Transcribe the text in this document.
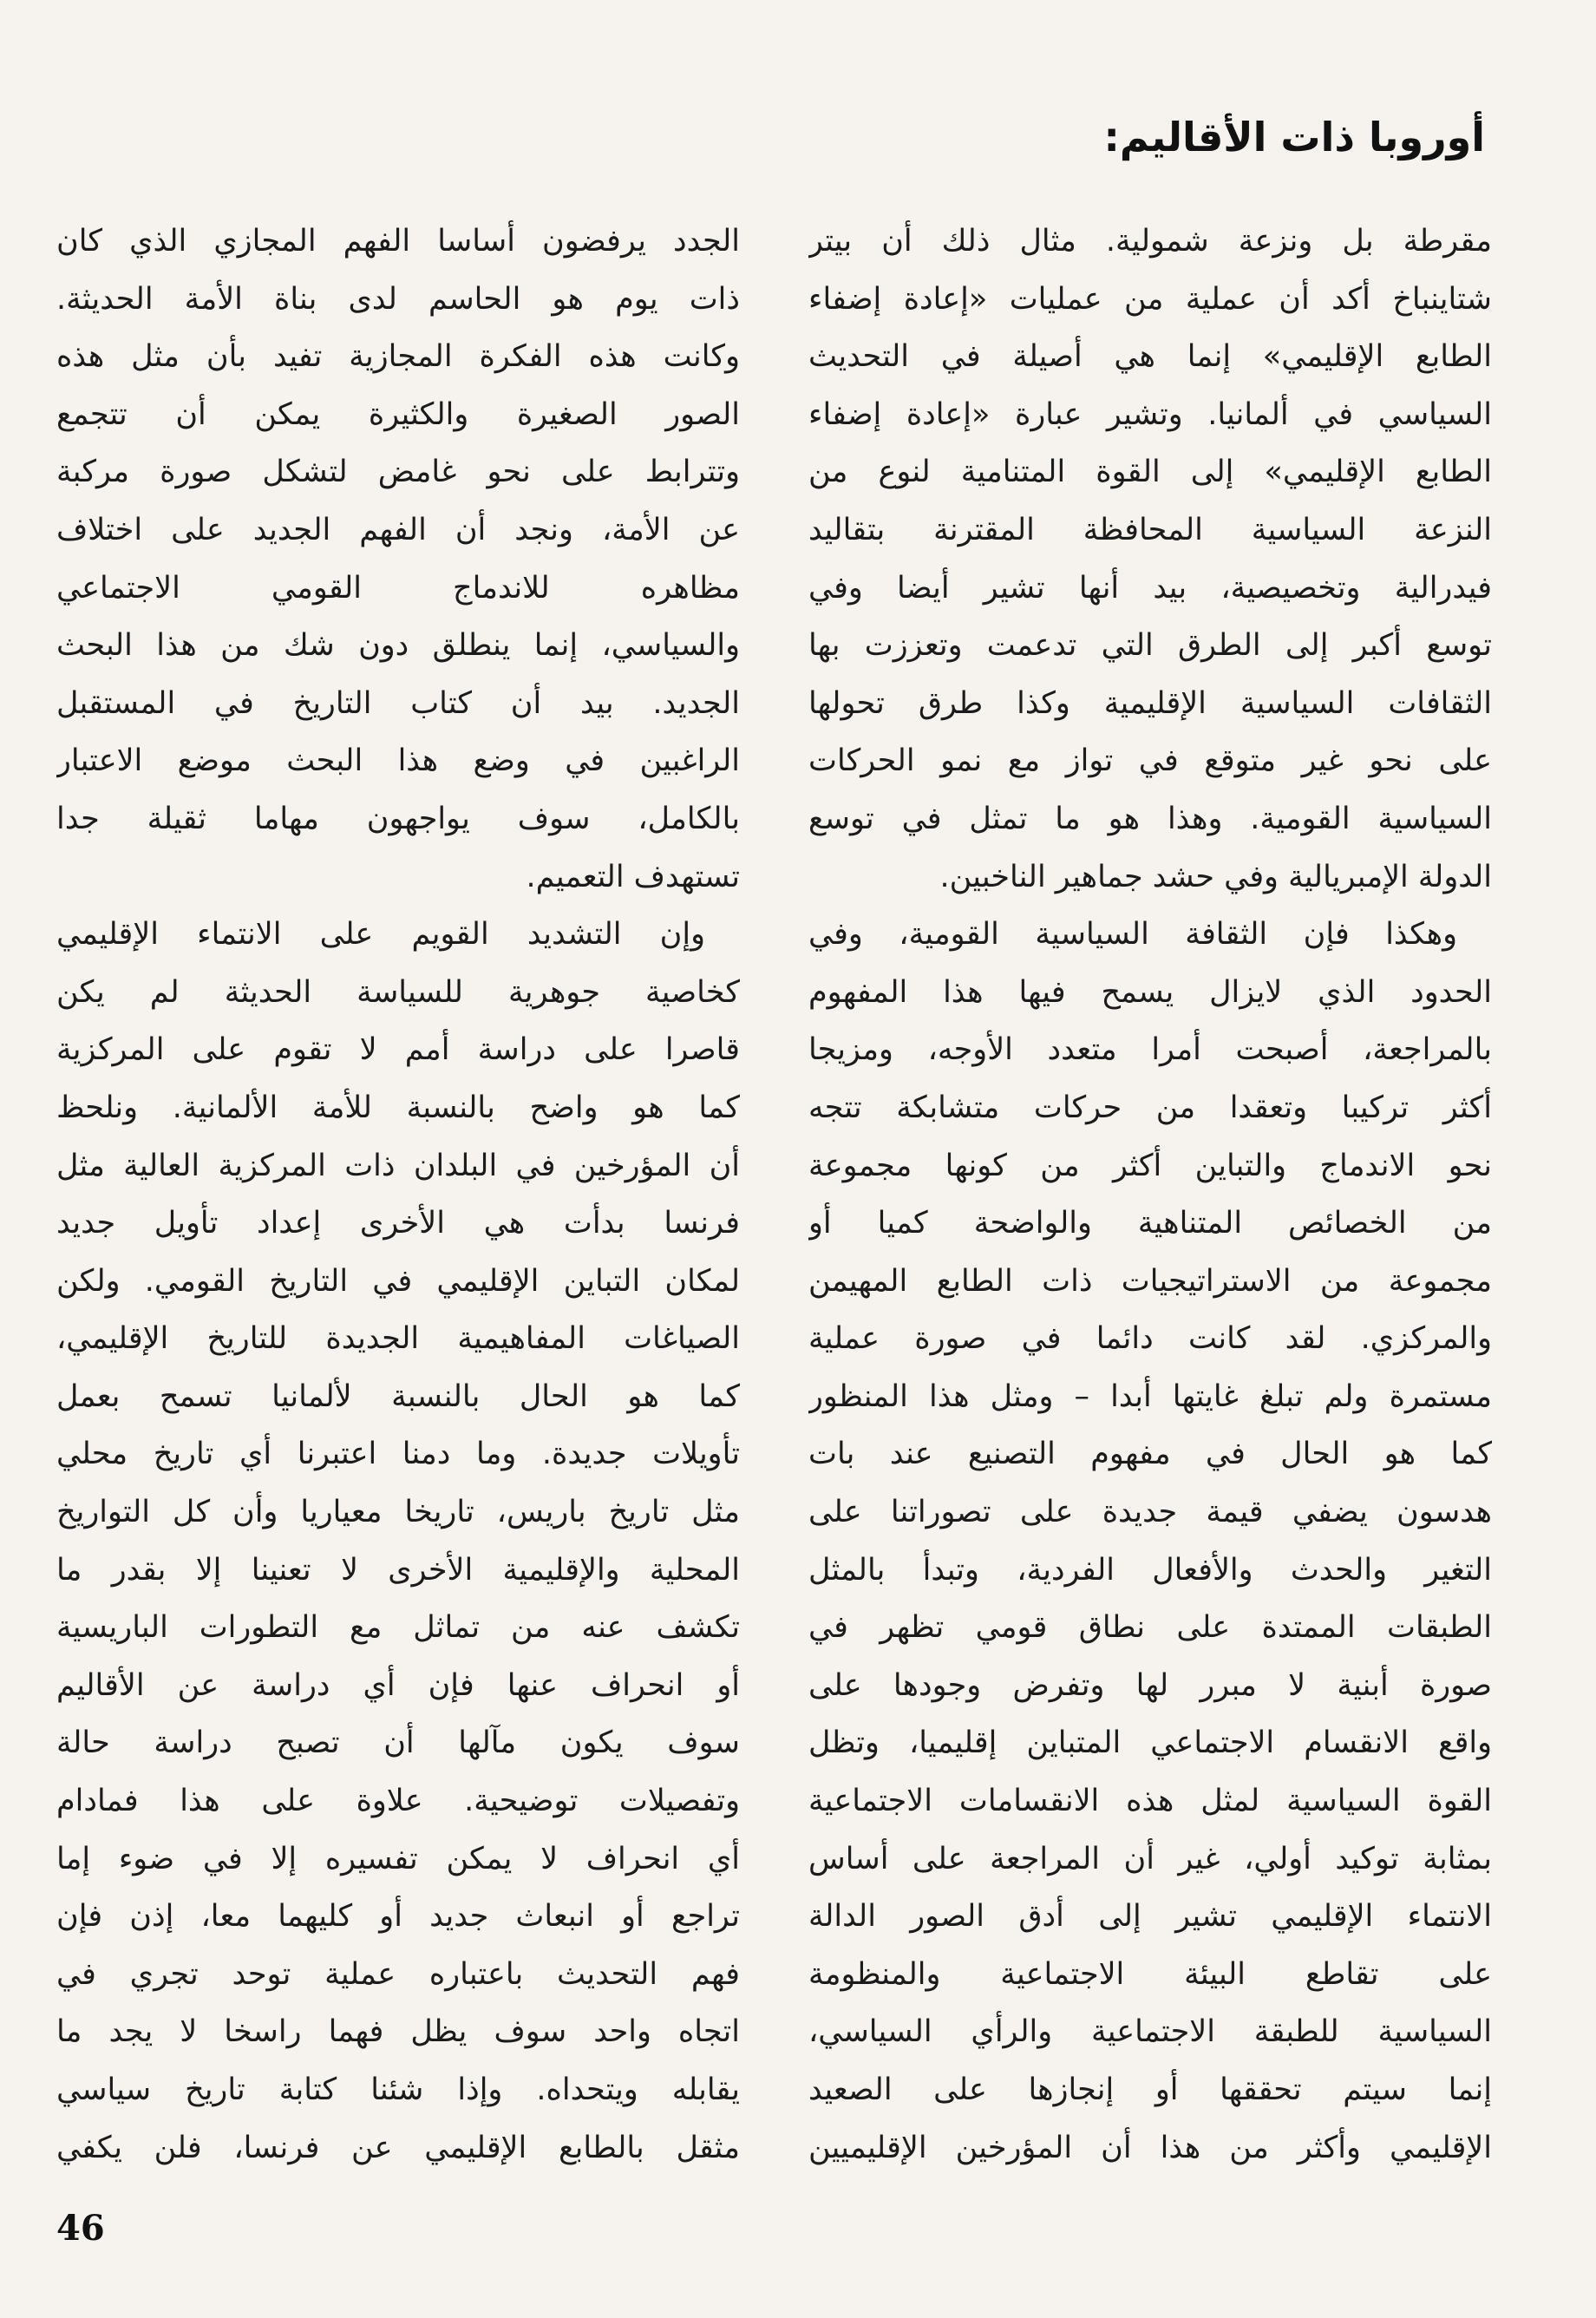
أوروبا ذات الأقاليم:

مقرطة بل ونزعة شمولية. مثال ذلك أن بيتر

شتاينباخ أكد أن عملية من عمليات «إعادة إضفاء

الطابع الإقليمي» إنما هي أصيلة في التحديث

السياسي في ألمانيا. وتشير عبارة «إعادة إضفاء

الطابع الإقليمي» إلى القوة المتنامية لنوع من

النزعة السياسية المحافظة المقترنة بتقاليد

فيدرالية وتخصيصية، بيد أنها تشير أيضا وفي

توسع أكبر إلى الطرق التي تدعمت وتعززت بها

الثقافات السياسية الإقليمية وكذا طرق تحولها

على نحو غير متوقع في تواز مع نمو الحركات

السياسية القومية. وهذا هو ما تمثل في توسع

الدولة الإمبريالية وفي حشد جماهير الناخبين.

وهكذا فإن الثقافة السياسية القومية، وفي

الحدود الذي لايزال يسمح فيها هذا المفهوم

بالمراجعة، أصبحت أمرا متعدد الأوجه، ومزيجا

أكثر تركيبا وتعقدا من حركات متشابكة تتجه

نحو الاندماج والتباين أكثر من كونها مجموعة

من الخصائص المتناهية والواضحة كميا أو

مجموعة من الاستراتيجيات ذات الطابع المهيمن

والمركزي. لقد كانت دائما في صورة عملية

مستمرة ولم تبلغ غايتها أبدا – ومثل هذا المنظور

كما هو الحال في مفهوم التصنيع عند بات

هدسون يضفي قيمة جديدة على تصوراتنا على

التغير والحدث والأفعال الفردية، وتبدأ بالمثل

الطبقات الممتدة على نطاق قومي تظهر في

صورة أبنية لا مبرر لها وتفرض وجودها على

واقع الانقسام الاجتماعي المتباين إقليميا، وتظل

القوة السياسية لمثل هذه الانقسامات الاجتماعية

بمثابة توكيد أولي، غير أن المراجعة على أساس

الانتماء الإقليمي تشير إلى أدق الصور الدالة

على تقاطع البيئة الاجتماعية والمنظومة

السياسية للطبقة الاجتماعية والرأي السياسي،

إنما سيتم تحققها أو إنجازها على الصعيد

الإقليمي وأكثر من هذا أن المؤرخين الإقليميين

الجدد يرفضون أساسا الفهم المجازي الذي كان

ذات يوم هو الحاسم لدى بناة الأمة الحديثة.

وكانت هذه الفكرة المجازية تفيد بأن مثل هذه

الصور الصغيرة والكثيرة يمكن أن تتجمع

وتترابط على نحو غامض لتشكل صورة مركبة

عن الأمة، ونجد أن الفهم الجديد على اختلاف

مظاهره للاندماج القومي الاجتماعي

والسياسي، إنما ينطلق دون شك من هذا البحث

الجديد. بيد أن كتاب التاريخ في المستقبل

الراغبين في وضع هذا البحث موضع الاعتبار

بالكامل، سوف يواجهون مهاما ثقيلة جدا

تستهدف التعميم.

وإن التشديد القويم على الانتماء الإقليمي

كخاصية جوهرية للسياسة الحديثة لم يكن

قاصرا على دراسة أمم لا تقوم على المركزية

كما هو واضح بالنسبة للأمة الألمانية. ونلحظ

أن المؤرخين في البلدان ذات المركزية العالية مثل

فرنسا بدأت هي الأخرى إعداد تأويل جديد

لمكان التباين الإقليمي في التاريخ القومي. ولكن

الصياغات المفاهيمية الجديدة للتاريخ الإقليمي،

كما هو الحال بالنسبة لألمانيا تسمح بعمل

تأويلات جديدة. وما دمنا اعتبرنا أي تاريخ محلي

مثل تاريخ باريس، تاريخا معياريا وأن كل التواريخ

المحلية والإقليمية الأخرى لا تعنينا إلا بقدر ما

تكشف عنه من تماثل مع التطورات الباريسية

أو انحراف عنها فإن أي دراسة عن الأقاليم

سوف يكون مآلها أن تصبح دراسة حالة

وتفصيلات توضيحية. علاوة على هذا فمادام

أي انحراف لا يمكن تفسيره إلا في ضوء إما

تراجع أو انبعاث جديد أو كليهما معا، إذن فإن

فهم التحديث باعتباره عملية توحد تجري في

اتجاه واحد سوف يظل فهما راسخا لا يجد ما

يقابله ويتحداه. وإذا شئنا كتابة تاريخ سياسي

مثقل بالطابع الإقليمي عن فرنسا، فلن يكفي

46
